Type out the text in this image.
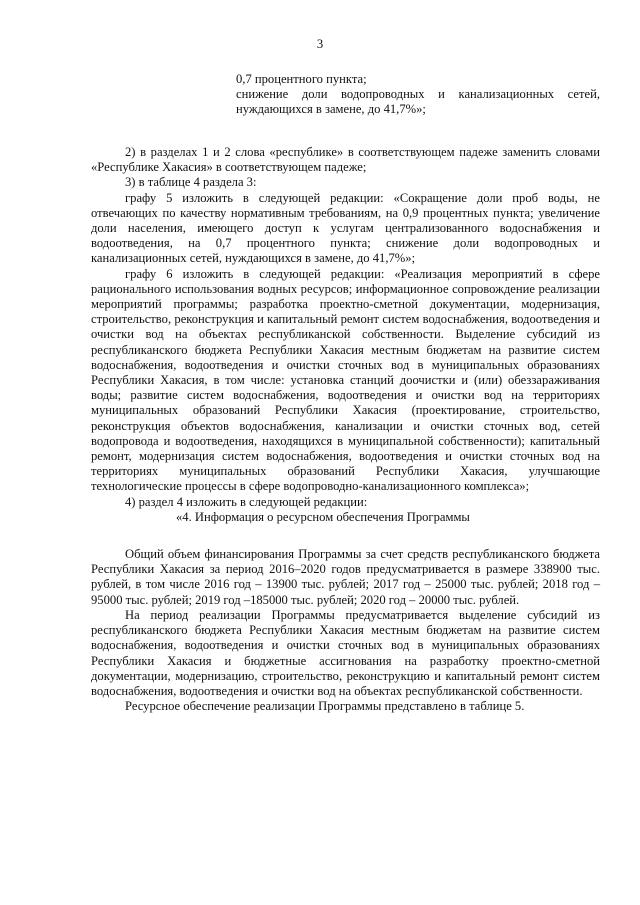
3

0,7 процентного пункта;

снижение доли водопроводных и канализационных сетей, нуждающихся в замене, до 41,7%»;

2) в разделах 1 и 2 слова «республике» в соответствующем падеже заменить словами «Республике Хакасия» в соответствующем падеже;

3) в таблице 4 раздела 3:

графу 5 изложить в следующей редакции: «Сокращение доли проб воды, не отвечающих по качеству нормативным требованиям, на 0,9 процентных пункта; увеличение доли населения, имеющего доступ к услугам централизованного водоснабжения и водоотведения, на 0,7 процентного пункта; снижение доли водопроводных и канализационных сетей, нуждающихся в замене, до 41,7%»;

графу 6 изложить в следующей редакции: «Реализация мероприятий в сфере рационального использования водных ресурсов; информационное сопровождение реализации мероприятий программы; разработка проектно-сметной документации, модернизация, строительство, реконструкция и капитальный ремонт систем водоснабжения, водоотведения и очистки вод на объектах республиканской собственности. Выделение субсидий из республиканского бюджета Республики Хакасия местным бюджетам на развитие систем водоснабжения, водоотведения и очистки сточных вод в муниципальных образованиях Республики Хакасия, в том числе: установка станций доочистки и (или) обеззараживания воды; развитие систем водоснабжения, водоотведения и очистки вод на территориях муниципальных образований Республики Хакасия (проектирование, строительство, реконструкция объектов водоснабжения, канализации и очистки сточных вод, сетей водопровода и водоотведения, находящихся в муниципальной собственности); капитальный ремонт, модернизация систем водоснабжения, водоотведения и очистки сточных вод на территориях муниципальных образований Республики Хакасия, улучшающие технологические процессы в сфере водопроводно-канализационного комплекса»;

4) раздел 4 изложить в следующей редакции:

«4. Информация о ресурсном обеспечения Программы

Общий объем финансирования Программы за счет средств республиканского бюджета Республики Хакасия за период 2016–2020 годов предусматривается в размере 338900 тыс. рублей, в том числе 2016 год – 13900 тыс. рублей; 2017 год – 25000 тыс. рублей; 2018 год – 95000 тыс. рублей; 2019 год –185000 тыс. рублей; 2020 год – 20000 тыс. рублей.

На период реализации Программы предусматривается выделение субсидий из республиканского бюджета Республики Хакасия местным бюджетам на развитие систем водоснабжения, водоотведения и очистки сточных вод в муниципальных образованиях Республики Хакасия и бюджетные ассигнования на разработку проектно-сметной документации, модернизацию, строительство, реконструкцию и капитальный ремонт систем водоснабжения, водоотведения и очистки вод на объектах республиканской собственности.

Ресурсное обеспечение реализации Программы представлено в таблице 5.
